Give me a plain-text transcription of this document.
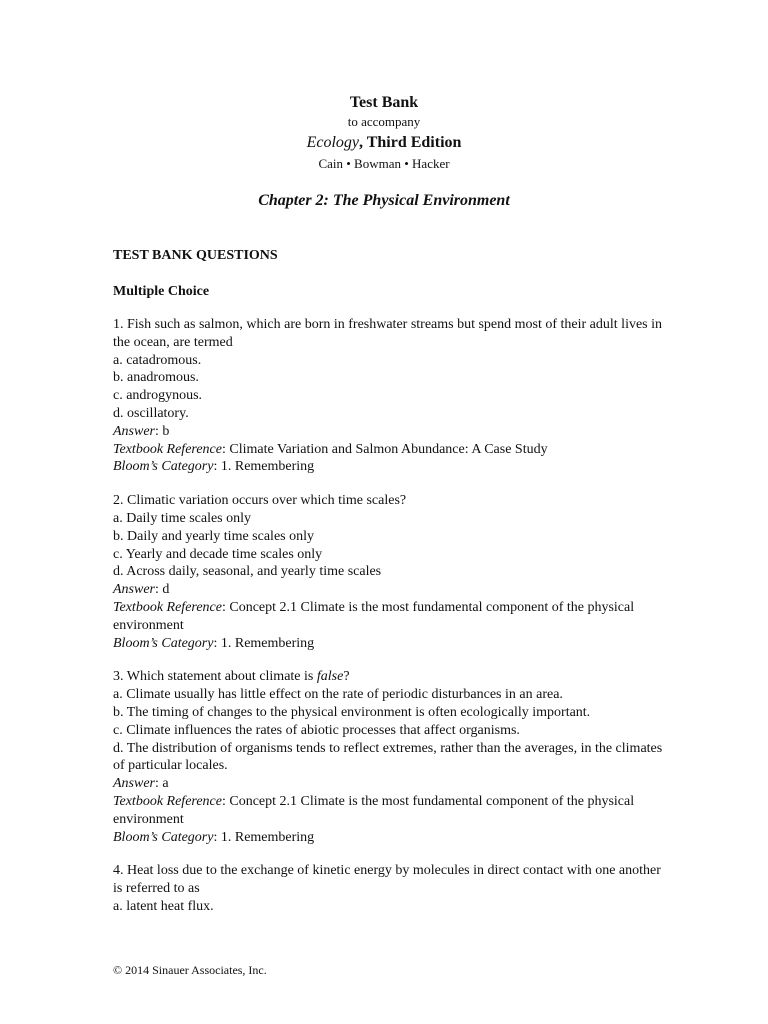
Test Bank
to accompany
Ecology, Third Edition
Cain • Bowman • Hacker
Chapter 2: The Physical Environment
TEST BANK QUESTIONS
Multiple Choice
1. Fish such as salmon, which are born in freshwater streams but spend most of their adult lives in the ocean, are termed
a. catadromous.
b. anadromous.
c. androgynous.
d. oscillatory.
Answer: b
Textbook Reference: Climate Variation and Salmon Abundance: A Case Study
Bloom’s Category: 1. Remembering
2. Climatic variation occurs over which time scales?
a. Daily time scales only
b. Daily and yearly time scales only
c. Yearly and decade time scales only
d. Across daily, seasonal, and yearly time scales
Answer: d
Textbook Reference: Concept 2.1 Climate is the most fundamental component of the physical environment
Bloom’s Category: 1. Remembering
3. Which statement about climate is false?
a. Climate usually has little effect on the rate of periodic disturbances in an area.
b. The timing of changes to the physical environment is often ecologically important.
c. Climate influences the rates of abiotic processes that affect organisms.
d. The distribution of organisms tends to reflect extremes, rather than the averages, in the climates of particular locales.
Answer: a
Textbook Reference: Concept 2.1 Climate is the most fundamental component of the physical environment
Bloom’s Category: 1. Remembering
4. Heat loss due to the exchange of kinetic energy by molecules in direct contact with one another is referred to as
a. latent heat flux.
© 2014 Sinauer Associates, Inc.
